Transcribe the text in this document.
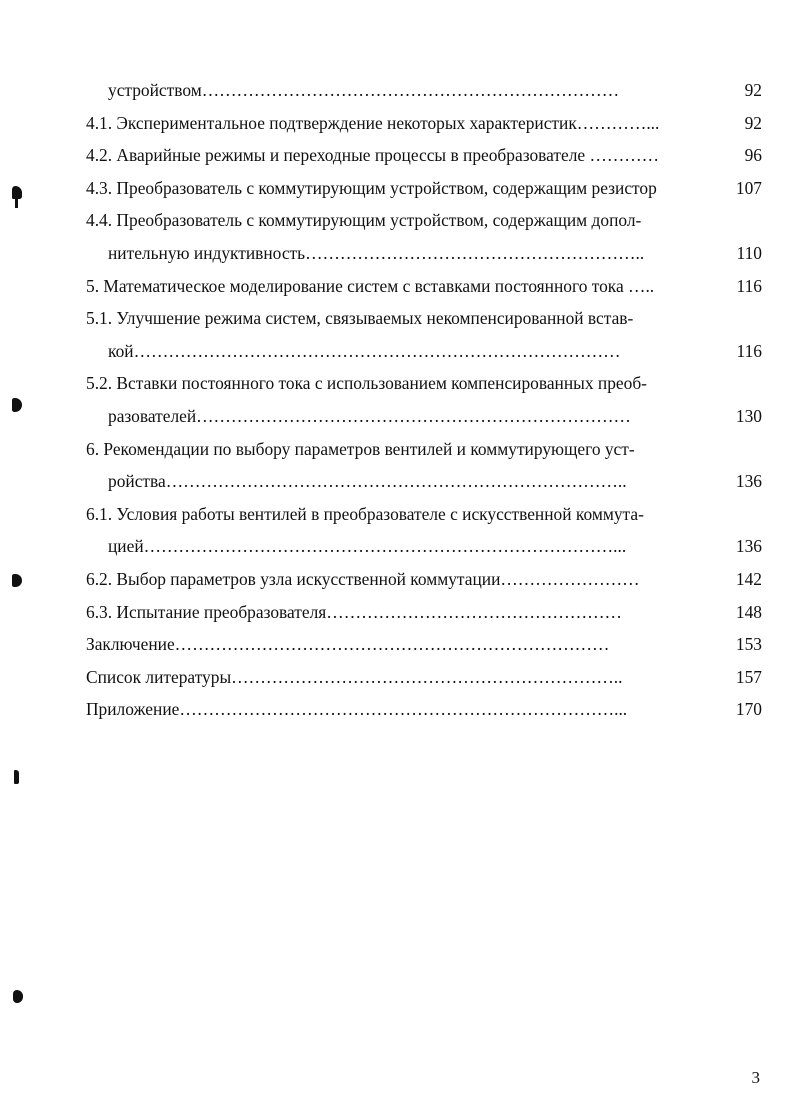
устройством………………………………………………………………	92
4.1. Экспериментальное подтверждение некоторых характеристик…………...	92
4.2. Аварийные режимы и переходные процессы в преобразователе …………	96
4.3. Преобразователь с коммутирующим устройством, содержащим резистор	107
4.4. Преобразователь с коммутирующим устройством, содержащим допол-
нительную индуктивность…………………………………………………..	110
5. Математическое моделирование систем с вставками постоянного тока …..	116
5.1. Улучшение режима систем, связываемых некомпенсированной встав-
кой…………………………………………………………………………	116
5.2. Вставки постоянного тока с использованием компенсированных преоб-
разователей…………………………………………………………………	130
6. Рекомендации по выбору параметров вентилей и коммутирующего уст-
ройства……………………………………………………………………..	136
6.1. Условия работы вентилей в преобразователе с искусственной коммута-
цией………………………………………………………………………...	136
6.2. Выбор параметров узла искусственной коммутации……………………	142
6.3. Испытание преобразователя……………………………………………	148
Заключение…………………………………………………………………	153
Список литературы…………………………………………………………..	157
Приложение…………………………………………………………………...	170
3
